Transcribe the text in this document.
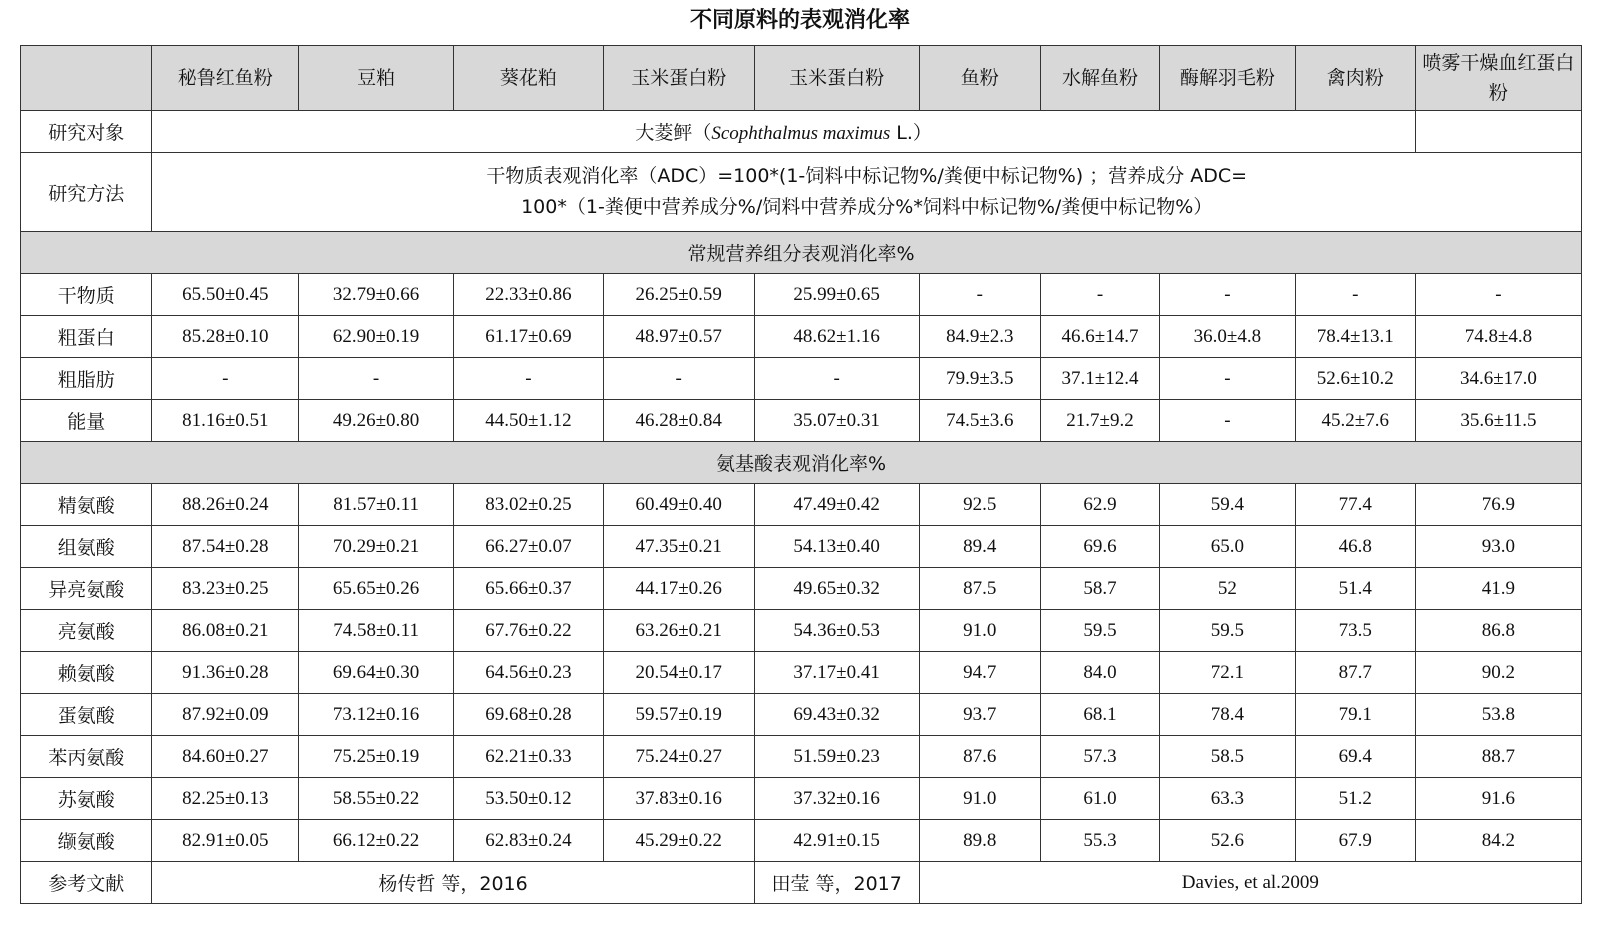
不同原料的表观消化率
	秘鲁红鱼粉	豆粕	葵花粕	玉米蛋白粉	玉米蛋白粉	鱼粉	水解鱼粉	酶解羽毛粉	禽肉粉	喷雾干燥血红蛋白粉
研究对象	大菱鲆（Scophthalmus maximus L.）									
研究方法	干物质表观消化率（ADC）=100*(1-饲料中标记物%/粪便中标记物%) ；营养成分 ADC=
100*（1-粪便中营养成分%/饲料中营养成分%*饲料中标记物%/粪便中标记物%）									

常规营养组分表观消化率%										
干物质	65.50±0.45	32.79±0.66	22.33±0.86	26.25±0.59	25.99±0.65	-	-	-	-	-
粗蛋白	85.28±0.10	62.90±0.19	61.17±0.69	48.97±0.57	48.62±1.16	84.9±2.3	46.6±14.7	36.0±4.8	78.4±13.1	74.8±4.8
粗脂肪	-	-	-	-	-	79.9±3.5	37.1±12.4	-	52.6±10.2	34.6±17.0
能量	81.16±0.51	49.26±0.80	44.50±1.12	46.28±0.84	35.07±0.31	74.5±3.6	21.7±9.2	-	45.2±7.6	35.6±11.5
氨基酸表观消化率%										
精氨酸	88.26±0.24	81.57±0.11	83.02±0.25	60.49±0.40	47.49±0.42	92.5	62.9	59.4	77.4	76.9
组氨酸	87.54±0.28	70.29±0.21	66.27±0.07	47.35±0.21	54.13±0.40	89.4	69.6	65.0	46.8	93.0
异亮氨酸	83.23±0.25	65.65±0.26	65.66±0.37	44.17±0.26	49.65±0.32	87.5	58.7	52	51.4	41.9
亮氨酸	86.08±0.21	74.58±0.11	67.76±0.22	63.26±0.21	54.36±0.53	91.0	59.5	59.5	73.5	86.8
赖氨酸	91.36±0.28	69.64±0.30	64.56±0.23	20.54±0.17	37.17±0.41	94.7	84.0	72.1	87.7	90.2
蛋氨酸	87.92±0.09	73.12±0.16	69.68±0.28	59.57±0.19	69.43±0.32	93.7	68.1	78.4	79.1	53.8
苯丙氨酸	84.60±0.27	75.25±0.19	62.21±0.33	75.24±0.27	51.59±0.23	87.6	57.3	58.5	69.4	88.7
苏氨酸	82.25±0.13	58.55±0.22	53.50±0.12	37.83±0.16	37.32±0.16	91.0	61.0	63.3	51.2	91.6
缬氨酸	82.91±0.05	66.12±0.22	62.83±0.24	45.29±0.22	42.91±0.15	89.8	55.3	52.6	67.9	84.2
参考文献	杨传哲 等，2016				田莹 等，2017	Davies, et al.2009				
